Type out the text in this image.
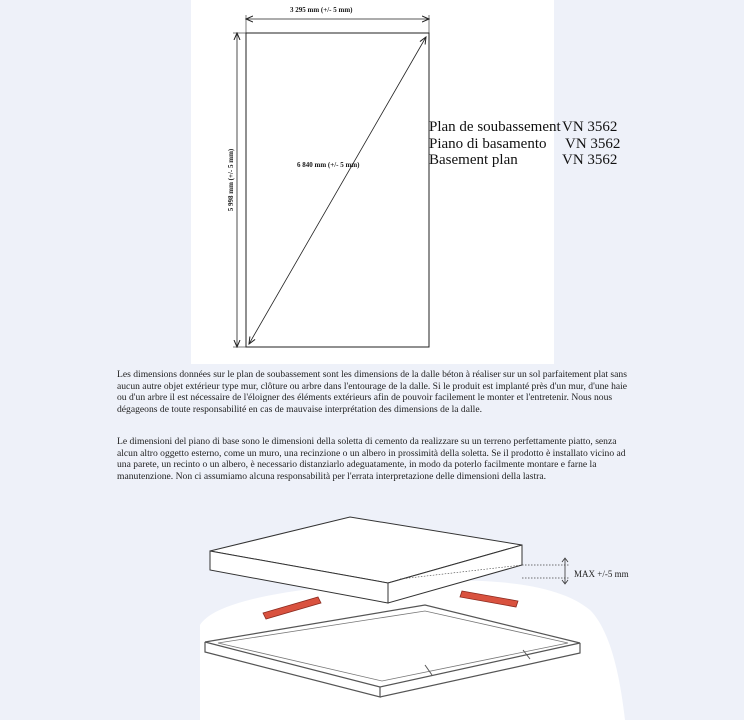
3 295 mm (+/- 5 mm)
6 840 mm (+/- 5 mm)
5 998 mm (+/- 5 mm)
Plan de soubassement VN 3562
Piano di basamento	VN 3562
Basement plan	VN 3562
Les dimensions données sur le plan de soubassement sont les dimensions de la dalle béton à réaliser sur un sol parfaitement plat sans aucun autre objet extérieur type mur, clôture ou arbre dans l'entourage de la dalle. Si le produit est implanté près d'un mur, d'une haie ou d'un arbre il est nécessaire de l'éloigner des éléments extérieurs afin de pouvoir facilement le monter et l'entretenir. Nous nous dégageons de toute responsabilité en cas de mauvaise interprétation des dimensions de la dalle.
Le dimensioni del piano di base sono le dimensioni della soletta di cemento da realizzare su un terreno perfettamente piatto, senza alcun altro oggetto esterno, come un muro, una recinzione o un albero in prossimità della soletta. Se il prodotto è installato vicino ad una parete, un recinto o un albero, è necessario distanziarlo adeguatamente, in modo da poterlo facilmente montare e farne la manutenzione. Non ci assumiamo alcuna responsabilità per l'errata interpretazione delle dimensioni della lastra.
MAX +/-5 mm
